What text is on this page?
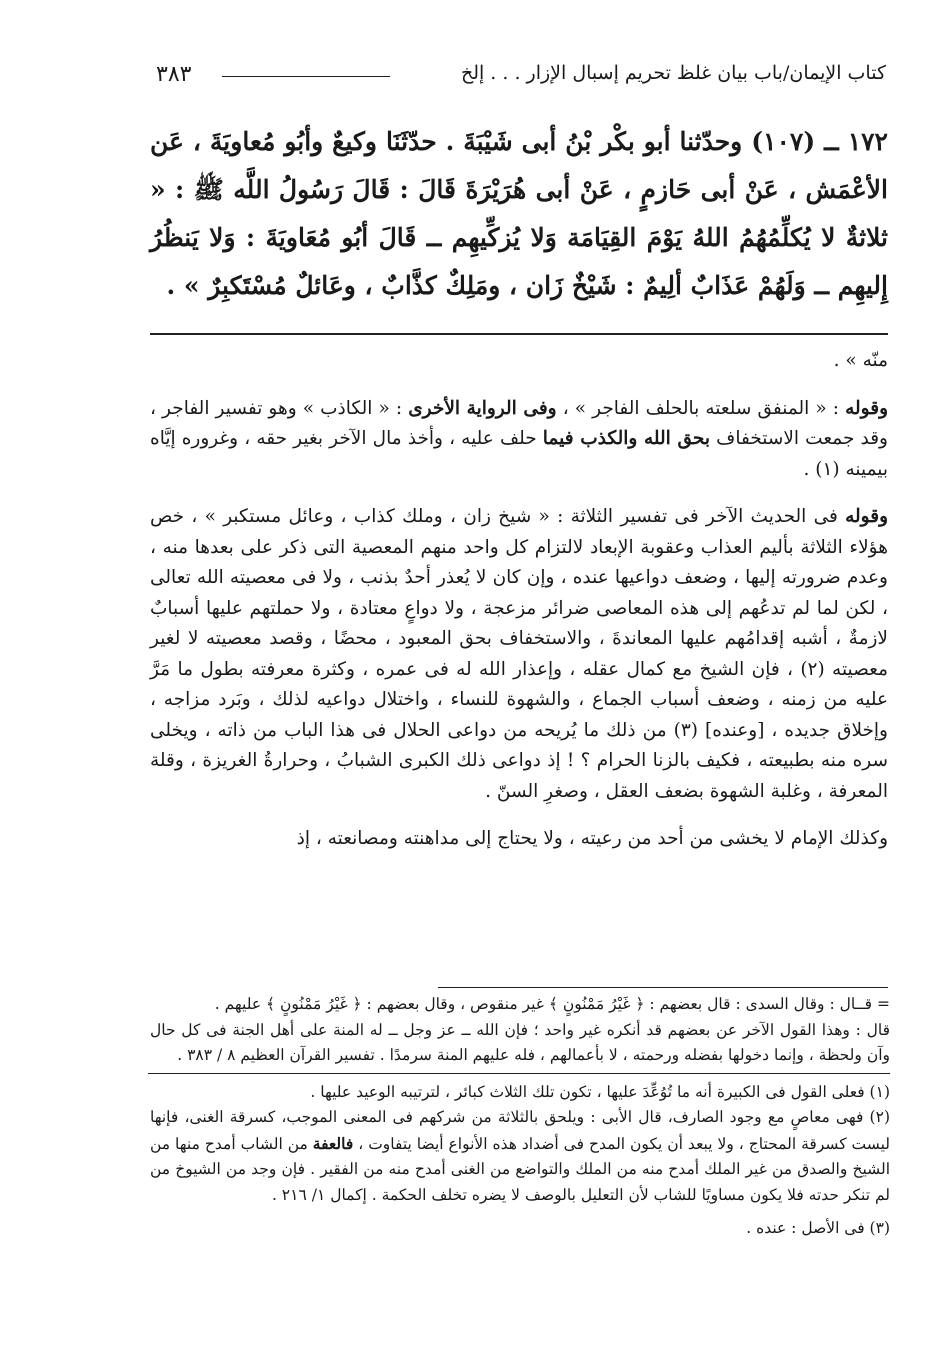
٣٨٣	كتاب الإيمان/باب بيان غلظ تحريم إسبال الإزار . . . إلخ

١٧٢ ــ (١٠٧) وحدّثنا أبو بكْر بْنُ أبى شَيْبَةَ . حدّثَنَا وكيعٌ وأبُو مُعاويَةَ ، عَن الأعْمَش ، عَنْ أبى حَازمٍ ، عَنْ أبى هُرَيْرَةَ قَالَ : قَالَ رَسُولُ اللَّه ﷺ : « ثلاثةٌ لا يُكلِّمُهُمُ اللهُ يَوْمَ القِيَامَة وَلا يُزكِّيهِم ــ قَالَ أبُو مُعَاويَةَ : وَلا يَنظُرُ إِليهِم ــ وَلَهُمْ عَذَابٌ ألِيمٌ : شَيْخٌ زَان ، ومَلِكٌ كذَّابٌ ، وعَائلٌ مُسْتَكبِرٌ » .

منّه » .

وقوله : « المنفق سلعته بالحلف الفاجر » ، وفى الرواية الأخرى : « الكاذب » وهو تفسير الفاجر ، وقد جمعت الاستخفاف بحق الله والكذب فيما حلف عليه ، وأخذ مال الآخر بغير حقه ، وغروره إيَّاه بيمينه (١) .

وقوله فى الحديث الآخر فى تفسير الثلاثة : « شيخ زان ، وملك كذاب ، وعائل مستكبر » ، خص هؤلاء الثلاثة بأليم العذاب وعقوبة الإبعاد لالتزام كل واحد منهم المعصية التى ذكر على بعدها منه ، وعدم ضرورته إليها ، وضعف دواعيها عنده ، وإن كان لا يُعذر أحدٌ بذنب ، ولا فى معصيته الله تعالى ، لكن لما لم تدعُهم إلى هذه المعاصى ضرائر مزعجة ، ولا دواعٍ معتادة ، ولا حملتهم عليها أسبابٌ لازمةٌ ، أشبه إقدامُهم عليها المعاندةَ ، والاستخفاف بحق المعبود ، محضًا ، وقصد معصيته لا لغير معصيته (٢) ، فإن الشيخ مع كمال عقله ، وإعذار الله له فى عمره ، وكثرة معرفته بطول ما مَرَّ عليه من زمنه ، وضعف أسباب الجماع ، والشهوة للنساء ، واختلال دواعيه لذلك ، وبَرد مزاجه ، وإخلاق جديده ، [وعنده] (٣) من ذلك ما يُريحه من دواعى الحلال فى هذا الباب من ذاته ، ويخلى سره منه بطبيعته ، فكيف بالزنا الحرام ؟ ! إذ دواعى ذلك الكبرى الشبابُ ، وحرارةُ الغريزة ، وقلة المعرفة ، وغلبة الشهوة بضعف العقل ، وصغرِ السنّ .

وكذلك الإمام لا يخشى من أحد من رعيته ، ولا يحتاج إلى مداهنته ومصانعته ، إذ

= قــال : وقال السدى : قال بعضهم : ﴿ غَيْرُ مَمْنُونٍ ﴾ غير منقوص ، وقال بعضهم : ﴿ غَيْرُ مَمْنُونٍ ﴾ عليهم .

قال : وهذا القول الآخر عن بعضهم قد أنكره غير واحد ؛ فإن الله ــ عز وجل ــ له المنة على أهل الجنة فى كل حال وآن ولحظة ، وإنما دخولها بفضله ورحمته ، لا بأعمالهم ، فله عليهم المنة سرمدًا . تفسير القرآن العظيم ٨ / ٣٨٣ .

(١) فعلى القول فى الكبيرة أنه ما تُوُعِّدَ عليها ، تكون تلك الثلاث كبائر ، لترتيبه الوعيد عليها .

(٢) فهى معاصٍ مع وجود الصارف، قال الأبى : ويلحق بالثلاثة من شركهم فى المعنى الموجب، كسرقة الغنى، فإنها ليست كسرقة المحتاج ، ولا يبعد أن يكون المدح فى أضداد هذه الأنواع أيضا يتفاوت ، فالعفة من الشاب أمدح منها من الشيخ والصدق من غير الملك أمدح منه من الملك والتواضع من الغنى أمدح منه من الفقير . فإن وجد من الشيوخ من لم تنكر حدته فلا يكون مساويًا للشاب لأن التعليل بالوصف لا يضره تخلف الحكمة . إكمال ١/ ٢١٦ .

(٣) فى الأصل : عنده .
